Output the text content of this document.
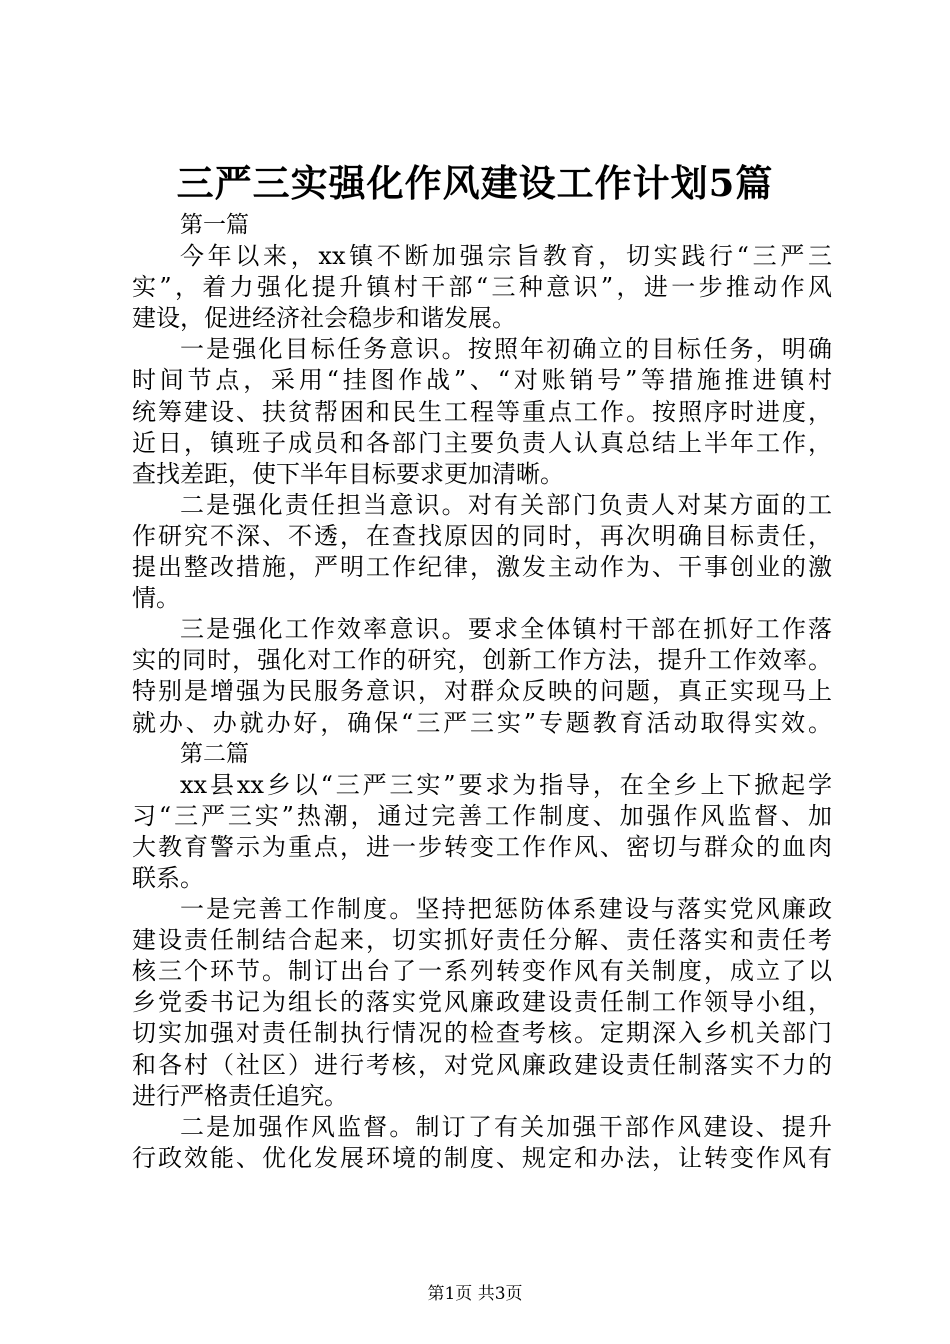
三严三实强化作风建设工作计划5篇
第一篇
今年以来，xx镇不断加强宗旨教育，切实践行“三严三
实”，着力强化提升镇村干部“三种意识”，进一步推动作风
建设，促进经济社会稳步和谐发展。
一是强化目标任务意识。按照年初确立的目标任务，明确
时间节点，采用“挂图作战”、“对账销号”等措施推进镇村
统筹建设、扶贫帮困和民生工程等重点工作。按照序时进度，
近日，镇班子成员和各部门主要负责人认真总结上半年工作，
查找差距，使下半年目标要求更加清晰。
二是强化责任担当意识。对有关部门负责人对某方面的工
作研究不深、不透，在查找原因的同时，再次明确目标责任，
提出整改措施，严明工作纪律，激发主动作为、干事创业的激
情。
三是强化工作效率意识。要求全体镇村干部在抓好工作落
实的同时，强化对工作的研究，创新工作方法，提升工作效率。
特别是增强为民服务意识，对群众反映的问题，真正实现马上
就办、办就办好，确保“三严三实”专题教育活动取得实效。
第二篇
xx县xx乡以“三严三实”要求为指导，在全乡上下掀起学
习“三严三实”热潮，通过完善工作制度、加强作风监督、加
大教育警示为重点，进一步转变工作作风、密切与群众的血肉
联系。
一是完善工作制度。坚持把惩防体系建设与落实党风廉政
建设责任制结合起来，切实抓好责任分解、责任落实和责任考
核三个环节。制订出台了一系列转变作风有关制度，成立了以
乡党委书记为组长的落实党风廉政建设责任制工作领导小组，
切实加强对责任制执行情况的检查考核。定期深入乡机关部门
和各村（社区）进行考核，对党风廉政建设责任制落实不力的
进行严格责任追究。
二是加强作风监督。制订了有关加强干部作风建设、提升
行政效能、优化发展环境的制度、规定和办法，让转变作风有
第1页 共3页
